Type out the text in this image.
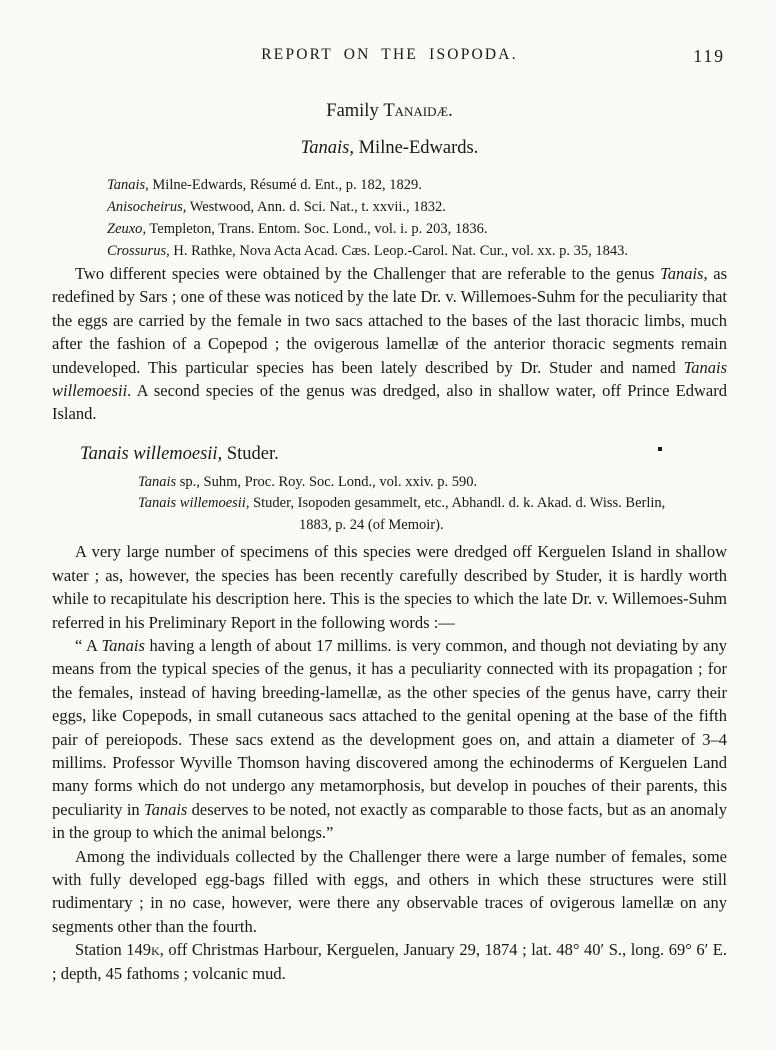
REPORT ON THE ISOPODA.	119

Family Tanaidæ.

Tanais, Milne-Edwards.

Tanais, Milne-Edwards, Résumé d. Ent., p. 182, 1829.

Anisocheirus, Westwood, Ann. d. Sci. Nat., t. xxvii., 1832.

Zeuxo, Templeton, Trans. Entom. Soc. Lond., vol. i. p. 203, 1836.

Crossurus, H. Rathke, Nova Acta Acad. Cæs. Leop.-Carol. Nat. Cur., vol. xx. p. 35, 1843.

Two different species were obtained by the Challenger that are referable to the genus Tanais, as redefined by Sars ; one of these was noticed by the late Dr. v. Willemoes-Suhm for the peculiarity that the eggs are carried by the female in two sacs attached to the bases of the last thoracic limbs, much after the fashion of a Copepod ; the ovigerous lamellæ of the anterior thoracic segments remain undeveloped. This particular species has been lately described by Dr. Studer and named Tanais willemoesii. A second species of the genus was dredged, also in shallow water, off Prince Edward Island.

Tanais willemoesii, Studer.

Tanais sp., Suhm, Proc. Roy. Soc. Lond., vol. xxiv. p. 590.

Tanais willemoesii, Studer, Isopoden gesammelt, etc., Abhandl. d. k. Akad. d. Wiss. Berlin,

1883, p. 24 (of Memoir).

A very large number of specimens of this species were dredged off Kerguelen Island in shallow water ; as, however, the species has been recently carefully described by Studer, it is hardly worth while to recapitulate his description here. This is the species to which the late Dr. v. Willemoes-Suhm referred in his Preliminary Report in the following words :—

“ A Tanais having a length of about 17 millims. is very common, and though not deviating by any means from the typical species of the genus, it has a peculiarity connected with its propagation ; for the females, instead of having breeding-lamellæ, as the other species of the genus have, carry their eggs, like Copepods, in small cutaneous sacs attached to the genital opening at the base of the fifth pair of pereiopods. These sacs extend as the development goes on, and attain a diameter of 3–4 millims. Professor Wyville Thomson having discovered among the echinoderms of Kerguelen Land many forms which do not undergo any metamorphosis, but develop in pouches of their parents, this peculiarity in Tanais deserves to be noted, not exactly as comparable to those facts, but as an anomaly in the group to which the animal belongs.”

Among the individuals collected by the Challenger there were a large number of females, some with fully developed egg-bags filled with eggs, and others in which these structures were still rudimentary ; in no case, however, were there any observable traces of ovigerous lamellæ on any segments other than the fourth.

Station 149k, off Christmas Harbour, Kerguelen, January 29, 1874 ; lat. 48° 40′ S., long. 69° 6′ E. ; depth, 45 fathoms ; volcanic mud.
